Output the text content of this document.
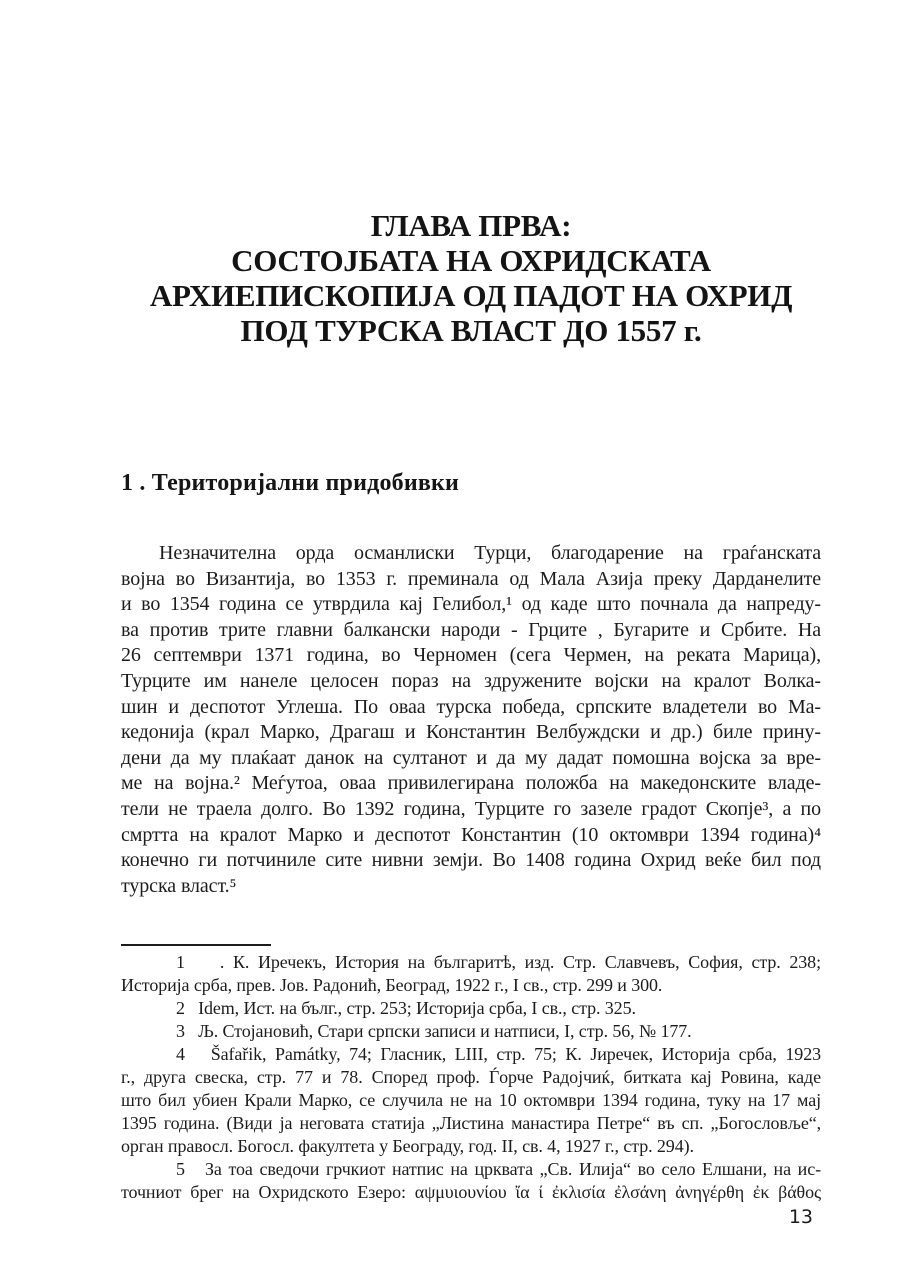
ГЛАВА ПРВА:
СОСТОЈБАТА НА ОХРИДСКАТА
АРХИЕПИСКОПИЈА ОД ПАДОТ НА ОХРИД
ПОД ТУРСКА ВЛАСТ ДО 1557 г.
1 . Територијални придобивки
Незначителна орда османлиски Турци, благодарение на граѓанската
војна во Византија, во 1353 г. преминала од Мала Азија преку Дарданелите
и во 1354 година се утврдила кај Гелибол,¹ од каде што почнала да напреду-
ва против трите главни балкански народи - Грците , Бугарите и Србите. На
26 септември 1371 година, во Черномен (сега Чермен, на реката Марица),
Турците им нанеле целосен пораз на здружените војски на кралот Волка-
шин и деспотот Углеша. По оваа турска победа, српските владетели во Ма-
кедонија (крал Марко, Драгаш и Константин Велбуждски и др.) биле прину-
дени да му плаќаат данок на султанот и да му дадат помошна војска за вре-
ме на војна.² Меѓутоа, оваа привилегирана положба на македонските владе-
тели не траела долго. Во 1392 година, Турците го зазеле градот Скопје³, а по
смртта на кралот Марко и деспотот Константин (10 октомври 1394 година)⁴
конечно ги потчиниле сите нивни земји. Во 1408 година Охрид веќе бил под
турска власт.⁵
1    . К. Иречекъ, История на българитѣ, изд. Стр. Славчевъ, София, стр. 238;
Историја срба, прев. Јов. Радонић, Београд, 1922 г., I св., стр. 299 и 300.
2   Idem, Ист. на бълг., стр. 253; Историја срба, I св., стр. 325.
3   Љ. Стојановић, Стари српски записи и натписи, I, стр. 56, № 177.
4   Šafařik, Památky, 74; Гласник, LIII, стр. 75; К. Јиречек, Историја срба, 1923
г., друга свеска, стр. 77 и 78. Според проф. Ѓорче Радојчиќ, битката кај Ровина, каде
што бил убиен Крали Марко, се случила не на 10 октомври 1394 година, туку на 17 мај
1395 година. (Види ја неговата статија „Листина манастира Петре“ въ сп. „Богословље“,
орган правосл. Богосл. факултета у Београду, год. II, св. 4, 1927 г., стр. 294).
5   За тоа сведочи грчкиот натпис на црквата „Св. Илија“ во село Елшани, на ис-
точниот брег на Охридското Езеро: αψμυιουνίου ἴα ί ἐκλισία ἐλσάνη ἀνηγέρθη ἐκ βάθος
13
